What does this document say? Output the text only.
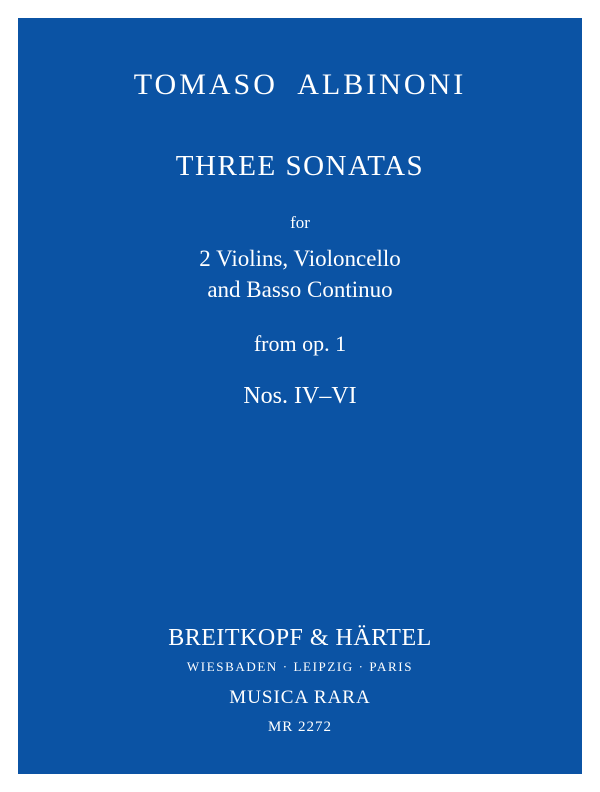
TOMASO  ALBINONI
THREE SONATAS
for
2 Violins, Violoncello
and Basso Continuo
from op. 1
Nos. IV–VI
BREITKOPF & HÄRTEL
WIESBADEN · LEIPZIG · PARIS
MUSICA RARA
MR 2272
